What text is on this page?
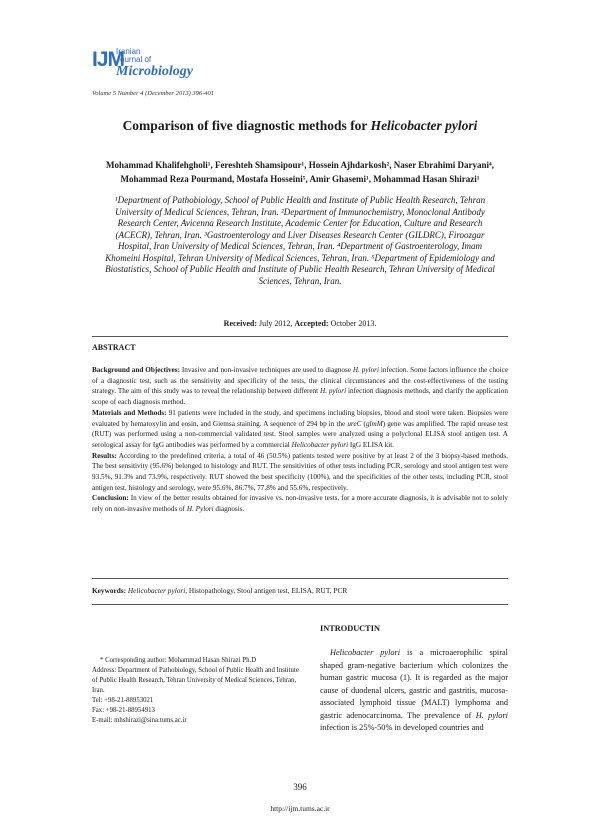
IJM
Iranian
Journal of
Microbiology
Volume 5 Number 4 (December 2013) 396-401
Comparison of five diagnostic methods for Helicobacter pylori
Mohammad Khalifehgholi¹, Fereshteh Shamsipour¹, Hossein Ajhdarkosh², Naser Ebrahimi Daryani⁴,
Mohammad Reza Pourmand, Mostafa Hosseini⁵, Amir Ghasemi¹, Mohammad Hasan Shirazi¹
¹Department of Pathobiology, School of Public Health and Institute of Public Health Research, Tehran University of Medical Sciences, Tehran, Iran. ²Department of Immunochemistry, Monoclonal Antibody Research Center, Avicenna Research Institute, Academic Center for Education, Culture and Research (ACECR), Tehran, Iran. ³Gastroenterology and Liver Diseases Research Center (GILDRC), Firoozgar Hospital, Iran University of Medical Sciences, Tehran, Iran. ⁴Department of Gastroenterology, Imam Khomeini Hospital, Tehran University of Medical Sciences, Tehran, Iran. ⁵Department of Epidemiology and Biostatistics, School of Public Health and Institute of Public Health Research, Tehran University of Medical Sciences, Tehran, Iran.
Received: July 2012, Accepted: October 2013.
ABSTRACT

Background and Objectives: Invasive and non-invasive techniques are used to diagnose H. pylori infection. Some factors influence the choice of a diagnostic test, such as the sensitivity and specificity of the tests, the clinical circumstances and the cost-effectiveness of the testing strategy. The aim of this study was to reveal the relationship between different H. pylori infection diagnosis methods, and clarify the application scope of each diagnosis method.

Materials and Methods: 91 patients were included in the study, and specimens including biopsies, blood and stool were taken. Biopsies were evaluated by hematoxylin and eosin, and Giemsa staining. A sequence of 294 bp in the ureC (glmM) gene was amplified. The rapid urease test (RUT) was performed using a non-commercial validated test. Stool samples were analyzed using a polyclonal ELISA stool antigen test. A serological assay for IgG antibodies was performed by a commercial Helicobacter pylori IgG ELISA kit.

Results: According to the predefined criteria, a total of 46 (50.5%) patients tested were positive by at least 2 of the 3 biopsy-based methods. The best sensitivity (95.6%) belonged to histology and RUT. The sensitivities of other tests including PCR, serology and stool antigen test were 93.5%, 91.3% and 73.9%, respectively. RUT showed the best specificity (100%), and the specificities of the other tests, including PCR, stool antigen test, histology and serology, were 95.6%, 86.7%, 77.8% and 55.6%, respectively.

Conclusion: In view of the better results obtained for invasive vs. non-invasive tests, for a more accurate diagnosis, it is advisable not to solely rely on non-invasive methods of H. Pylori diagnosis.

Keywords: Helicobacter pylori, Histopathology, Stool antigen test, ELISA, RUT, PCR
INTRODUCTIN
* Corresponding author: Mohammad Hasan Shirazi Ph.D
Address: Department of Pathobiology, School of Public Health and Institute of Public Health Research, Tehran University of Medical Sciences, Tehran, Iran.
Tel: +98-21-88953021
Fax: +98-21-88954913
E-mail: mhshirazi@sina.tums.ac.ir
Helicobacter pylori is a microaerophilic spiral shaped gram-negative bacterium which colonizes the human gastric mucosa (1). It is regarded as the major cause of duodenal ulcers, gastric and gastritis, mucosa-associated lymphoid tissue (MALT) lymphoma and gastric adenocarcinoma. The prevalence of H. pylori infection is 25%-50% in developed countries and
396
http://ijm.tums.ac.ir
